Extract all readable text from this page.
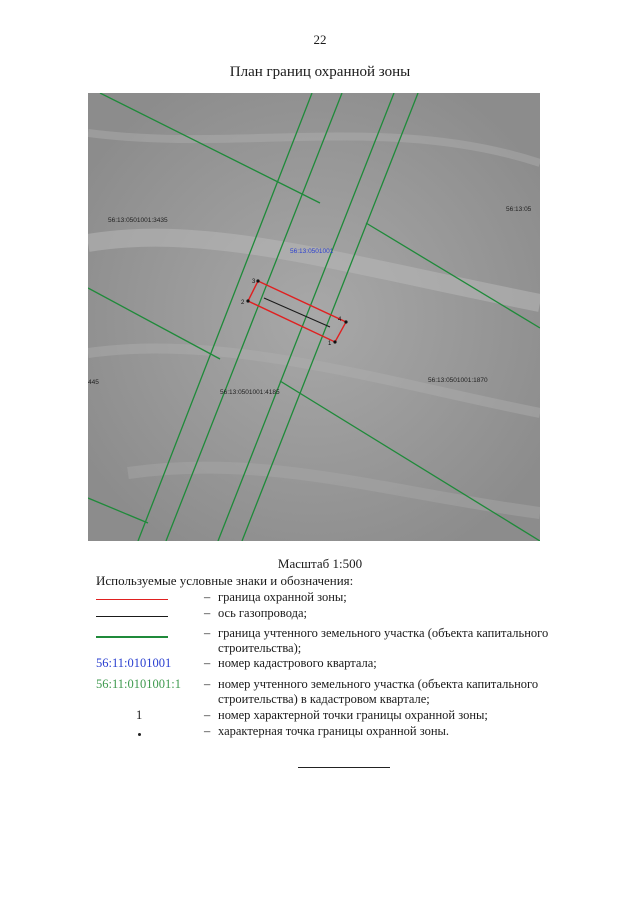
22
План границ охранной зоны
1
2
3
4
56:13:0501001:3435
56:13:05
56:13:0501001:1870
56:13:0501001:4185
445
56:13:0501001
Масштаб 1:500
Используемые условные знаки и обозначения:
– граница охранной зоны;
– ось газопровода;
– граница учтенного земельного участка (объекта капитального строительства);
56:11:0101001	– номер кадастрового квартала;
56:11:0101001:1 – номер учтенного земельного участка (объекта капитального строительства) в кадастровом квартале;
1	– номер характерной точки границы охранной зоны;
– характерная точка границы охранной зоны.
